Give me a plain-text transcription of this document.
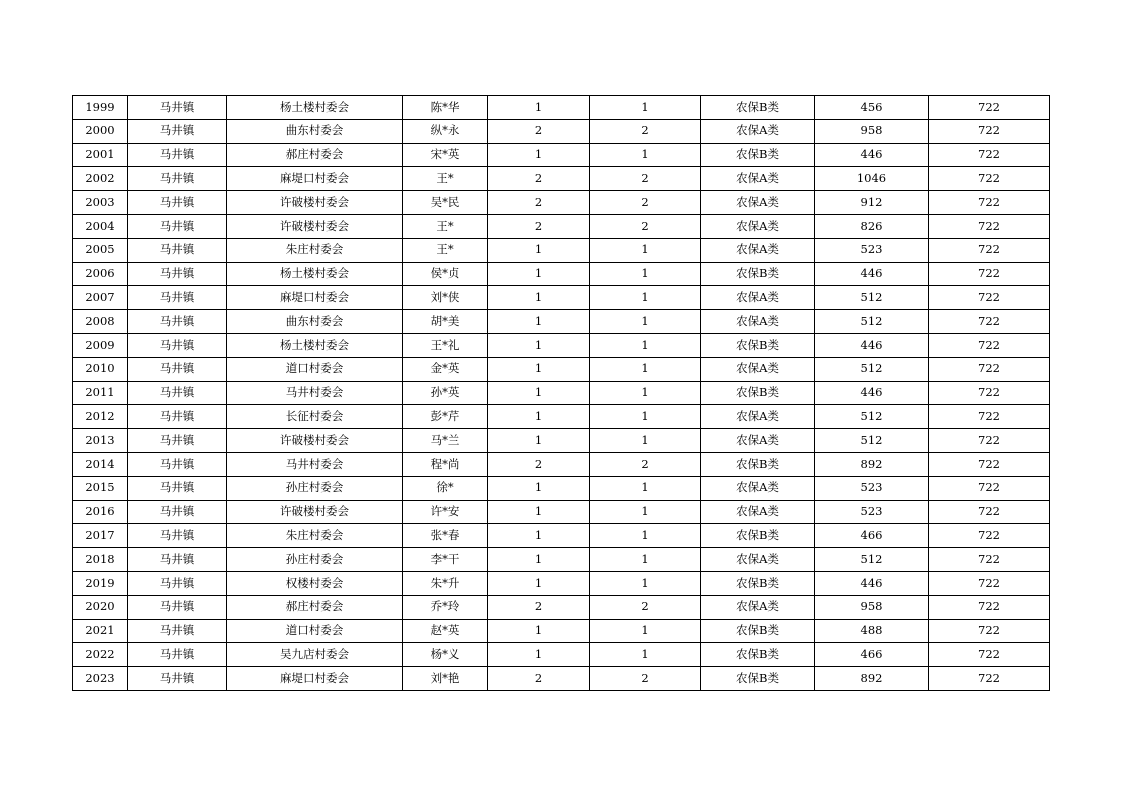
1999	马井镇	杨土楼村委会	陈*华	1	1	农保B类	456	722
2000	马井镇	曲东村委会	纵*永	2	2	农保A类	958	722
2001	马井镇	郝庄村委会	宋*英	1	1	农保B类	446	722
2002	马井镇	麻堤口村委会	王*	2	2	农保A类	1046	722
2003	马井镇	许破楼村委会	吴*民	2	2	农保A类	912	722
2004	马井镇	许破楼村委会	王*	2	2	农保A类	826	722
2005	马井镇	朱庄村委会	王*	1	1	农保A类	523	722
2006	马井镇	杨土楼村委会	侯*贞	1	1	农保B类	446	722
2007	马井镇	麻堤口村委会	刘*侠	1	1	农保A类	512	722
2008	马井镇	曲东村委会	胡*美	1	1	农保A类	512	722
2009	马井镇	杨土楼村委会	王*礼	1	1	农保B类	446	722
2010	马井镇	道口村委会	金*英	1	1	农保A类	512	722
2011	马井镇	马井村委会	孙*英	1	1	农保B类	446	722
2012	马井镇	长征村委会	彭*芹	1	1	农保A类	512	722
2013	马井镇	许破楼村委会	马*兰	1	1	农保A类	512	722
2014	马井镇	马井村委会	程*尚	2	2	农保B类	892	722
2015	马井镇	孙庄村委会	徐*	1	1	农保A类	523	722
2016	马井镇	许破楼村委会	许*安	1	1	农保A类	523	722
2017	马井镇	朱庄村委会	张*春	1	1	农保B类	466	722
2018	马井镇	孙庄村委会	李*干	1	1	农保A类	512	722
2019	马井镇	权楼村委会	朱*升	1	1	农保B类	446	722
2020	马井镇	郝庄村委会	乔*玲	2	2	农保A类	958	722
2021	马井镇	道口村委会	赵*英	1	1	农保B类	488	722
2022	马井镇	吴九店村委会	杨*义	1	1	农保B类	466	722
2023	马井镇	麻堤口村委会	刘*艳	2	2	农保B类	892	722
